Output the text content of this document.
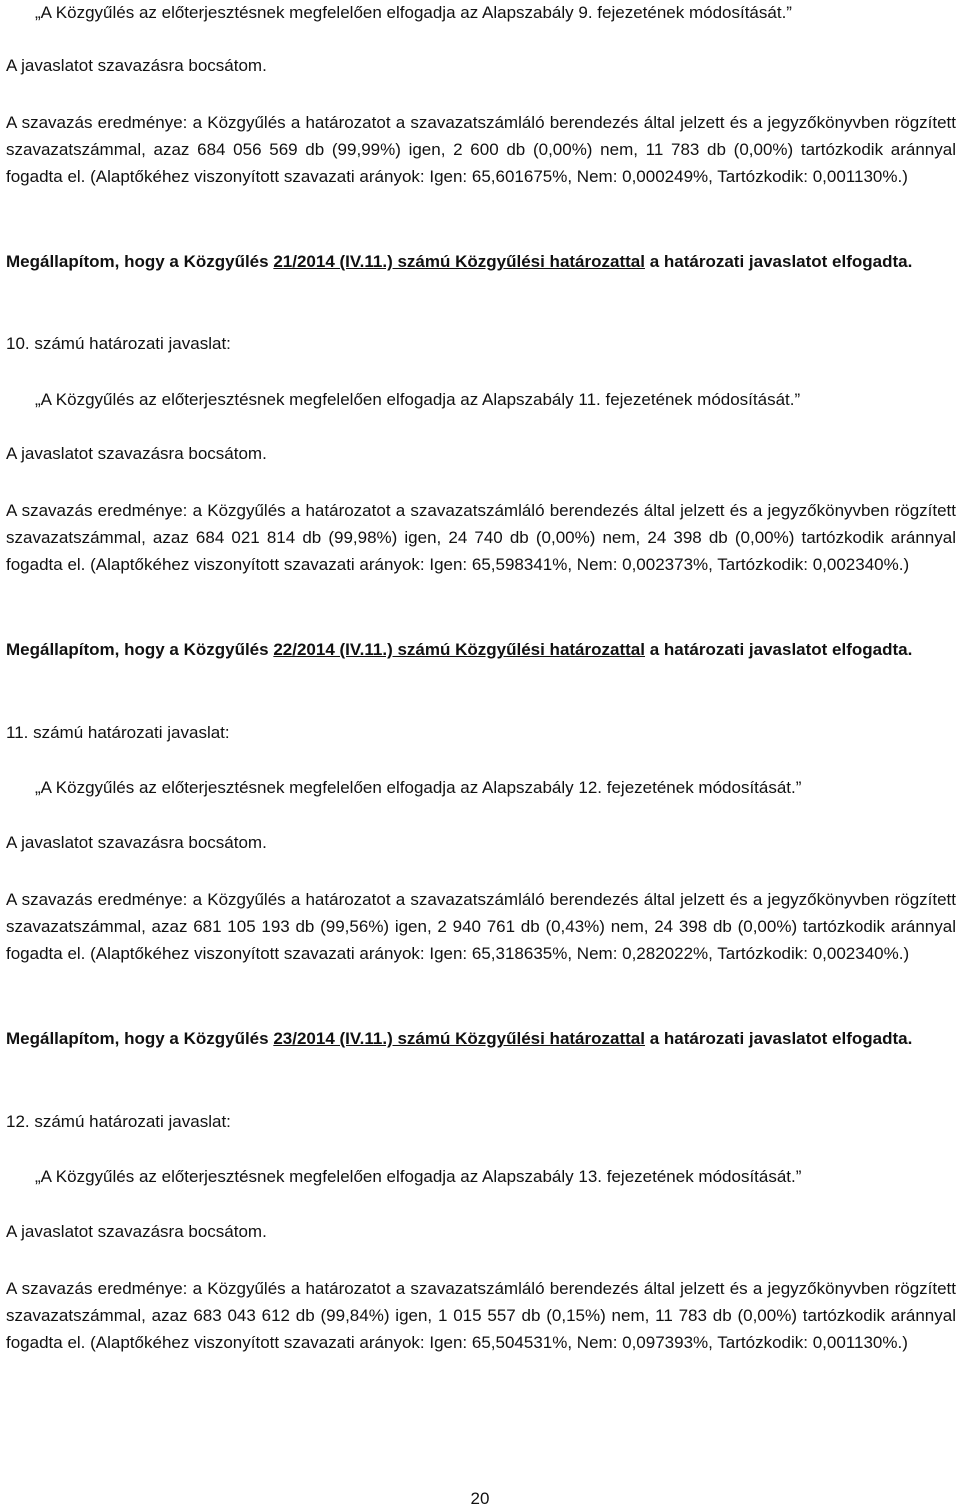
„A Közgyűlés az előterjesztésnek megfelelően elfogadja az Alapszabály 9. fejezetének módosítását.”

A javaslatot szavazásra bocsátom.

A szavazás eredménye: a Közgyűlés a határozatot a szavazatszámláló berendezés által jelzett és a jegyzőkönyvben rögzített szavazatszámmal, azaz 684 056 569 db (99,99%) igen, 2 600 db (0,00%) nem, 11 783 db (0,00%) tartózkodik aránnyal fogadta el. (Alaptőkéhez viszonyított szavazati arányok: Igen: 65,601675%, Nem: 0,000249%, Tartózkodik: 0,001130%.)

Megállapítom, hogy a Közgyűlés 21/2014 (IV.11.) számú Közgyűlési határozattal a határozati javaslatot elfogadta.

10. számú határozati javaslat:

„A Közgyűlés az előterjesztésnek megfelelően elfogadja az Alapszabály 11. fejezetének módosítását.”

A javaslatot szavazásra bocsátom.

A szavazás eredménye: a Közgyűlés a határozatot a szavazatszámláló berendezés által jelzett és a jegyzőkönyvben rögzített szavazatszámmal, azaz 684 021 814 db (99,98%) igen, 24 740 db (0,00%) nem, 24 398 db (0,00%) tartózkodik aránnyal fogadta el. (Alaptőkéhez viszonyított szavazati arányok: Igen: 65,598341%, Nem: 0,002373%, Tartózkodik: 0,002340%.)

Megállapítom, hogy a Közgyűlés 22/2014 (IV.11.) számú Közgyűlési határozattal a határozati javaslatot elfogadta.

11. számú határozati javaslat:

„A Közgyűlés az előterjesztésnek megfelelően elfogadja az Alapszabály 12. fejezetének módosítását.”

A javaslatot szavazásra bocsátom.

A szavazás eredménye: a Közgyűlés a határozatot a szavazatszámláló berendezés által jelzett és a jegyzőkönyvben rögzített szavazatszámmal, azaz 681 105 193 db (99,56%) igen, 2 940 761 db (0,43%) nem, 24 398 db (0,00%) tartózkodik aránnyal fogadta el. (Alaptőkéhez viszonyított szavazati arányok: Igen: 65,318635%, Nem: 0,282022%, Tartózkodik: 0,002340%.)

Megállapítom, hogy a Közgyűlés 23/2014 (IV.11.) számú Közgyűlési határozattal a határozati javaslatot elfogadta.

12. számú határozati javaslat:

„A Közgyűlés az előterjesztésnek megfelelően elfogadja az Alapszabály 13. fejezetének módosítását.”

A javaslatot szavazásra bocsátom.

A szavazás eredménye: a Közgyűlés a határozatot a szavazatszámláló berendezés által jelzett és a jegyzőkönyvben rögzített szavazatszámmal, azaz 683 043 612 db (99,84%) igen, 1 015 557 db (0,15%) nem, 11 783 db (0,00%) tartózkodik aránnyal fogadta el. (Alaptőkéhez viszonyított szavazati arányok: Igen: 65,504531%, Nem: 0,097393%, Tartózkodik: 0,001130%.)

20
